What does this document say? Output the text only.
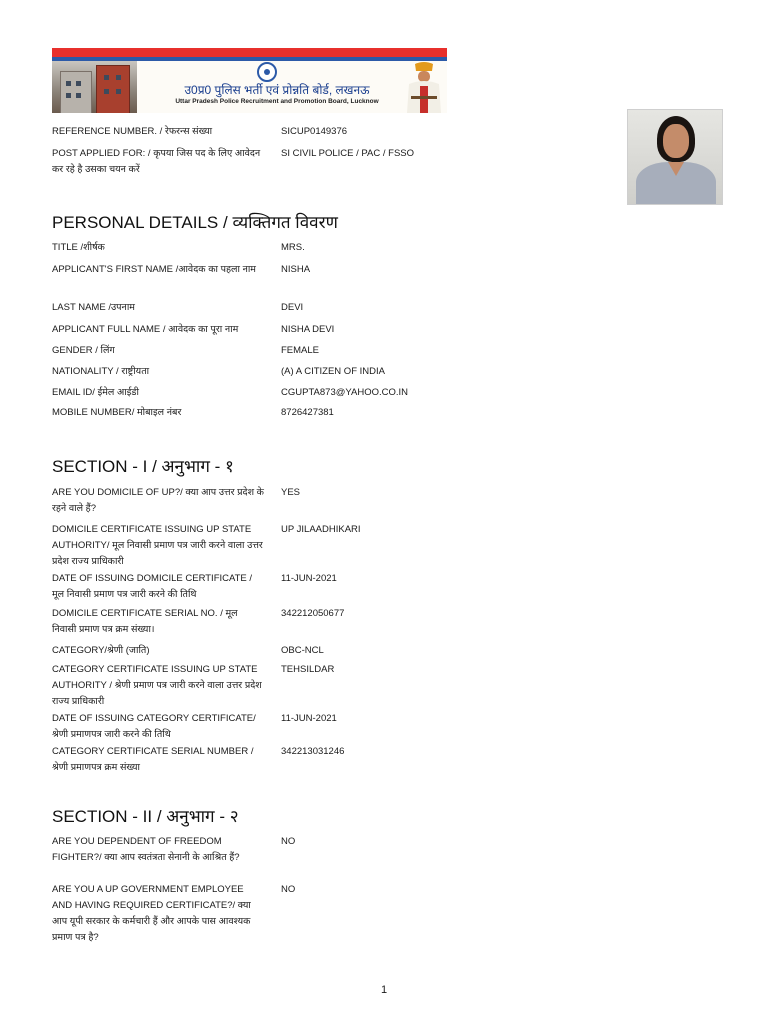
उ0प्र0 पुलिस भर्ती एवं प्रोन्नति बोर्ड, लखनऊ
Uttar Pradesh Police Recruitment and Promotion Board, Lucknow
REFERENCE NUMBER. / रेफरन्स संख्या	SICUP0149376
POST APPLIED FOR: / कृपया जिस पद के लिए आवेदन कर रहे है उसका चयन करें
SI CIVIL POLICE / PAC / FSSO
PERSONAL DETAILS / व्यक्तिगत विवरण
TITLE /शीर्षक	MRS.
APPLICANT'S FIRST NAME /आवेदक का पहला नाम	NISHA
LAST NAME /उपनाम	DEVI
APPLICANT FULL NAME / आवेदक का पूरा नाम	NISHA DEVI
GENDER / लिंग	FEMALE
NATIONALITY / राष्ट्रीयता	(A) A CITIZEN OF INDIA
EMAIL ID/ ईमेल आईडी	CGUPTA873@YAHOO.CO.IN
MOBILE NUMBER/ मोबाइल नंबर	8726427381
SECTION - I / अनुभाग - १
ARE YOU DOMICILE OF UP?/ क्या आप उत्तर प्रदेश के रहने वाले हैं?
YES
DOMICILE CERTIFICATE ISSUING UP STATE AUTHORITY/ मूल निवासी प्रमाण पत्र जारी करने वाला उत्तर प्रदेश राज्य प्राधिकारी
UP JILAADHIKARI
DATE OF ISSUING DOMICILE CERTIFICATE / मूल निवासी प्रमाण पत्र जारी करने की तिथि
11-JUN-2021
DOMICILE CERTIFICATE SERIAL NO. / मूल निवासी प्रमाण पत्र क्रम संख्या।
342212050677
CATEGORY/श्रेणी (जाति)	OBC-NCL
CATEGORY CERTIFICATE ISSUING UP STATE AUTHORITY / श्रेणी प्रमाण पत्र जारी करने वाला उत्तर प्रदेश राज्य प्राधिकारी
TEHSILDAR
DATE OF ISSUING CATEGORY CERTIFICATE/ श्रेणी प्रमाणपत्र जारी करने की तिथि
11-JUN-2021
CATEGORY CERTIFICATE SERIAL NUMBER / श्रेणी प्रमाणपत्र क्रम संख्या
342213031246
SECTION - II / अनुभाग - २
ARE YOU DEPENDENT OF FREEDOM FIGHTER?/ क्या आप स्वतंत्रता सेनानी के आश्रित हैं?
NO
ARE YOU A UP GOVERNMENT EMPLOYEE AND HAVING REQUIRED CERTIFICATE?/ क्या आप यूपी सरकार के कर्मचारी हैं और आपके पास आवश्यक प्रमाण पत्र है?
NO
1
